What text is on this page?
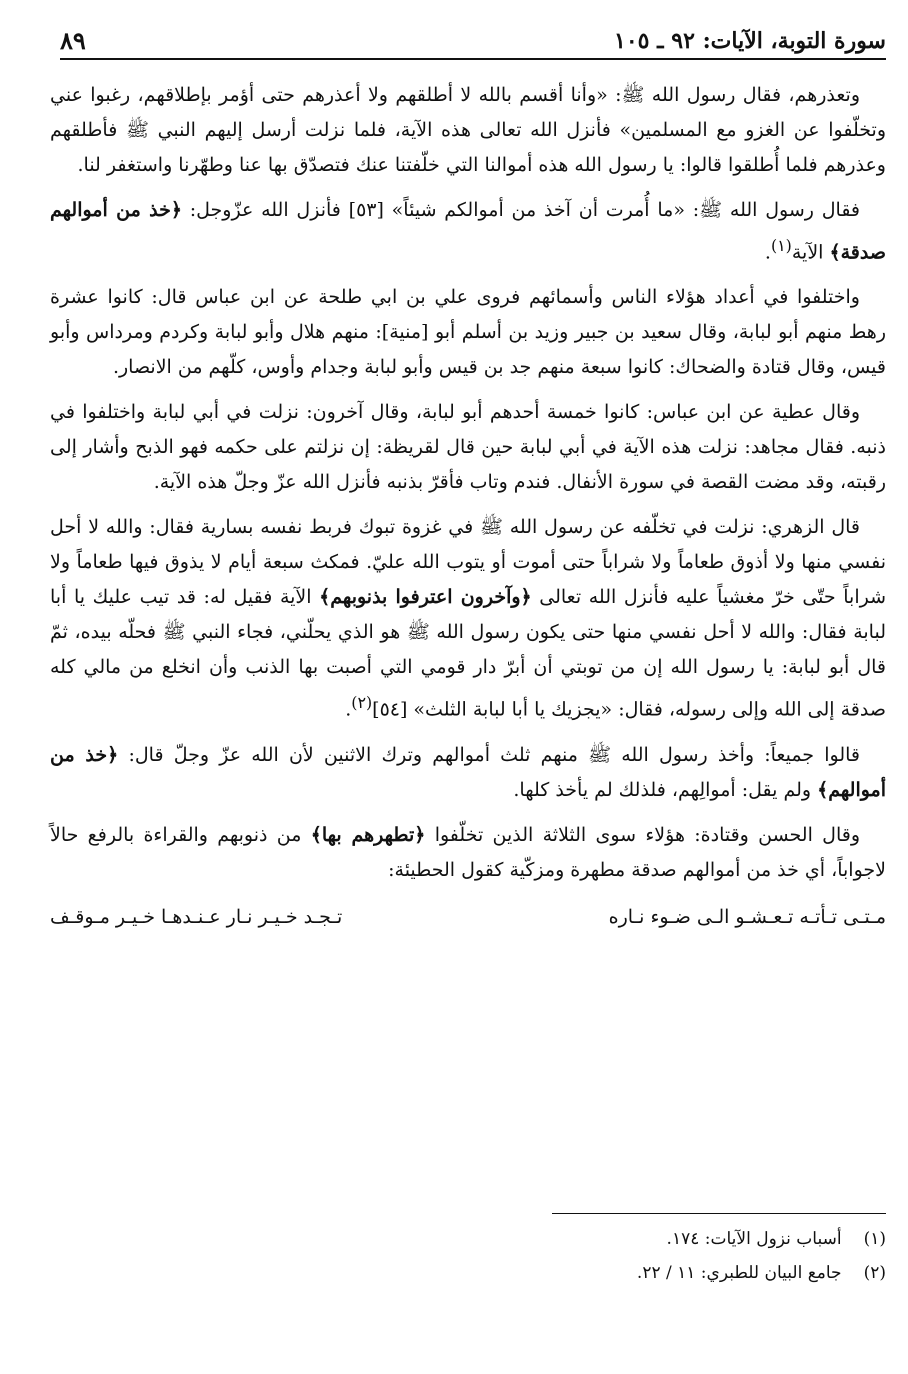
سورة التوبة، الآيات: ٩٢ ـ ١٠٥
٨٩

وتعذرهم، فقال رسول الله ﷺ: «وأنا أقسم بالله لا أطلقهم ولا أعذرهم حتى أؤمر بإطلاقهم، رغبوا عني وتخلّفوا عن الغزو مع المسلمين» فأنزل الله تعالى هذه الآية، فلما نزلت أرسل إليهم النبي ﷺ فأطلقهم وعذرهم فلما أُطلقوا قالوا: يا رسول الله هذه أموالنا التي خلّفتنا عنك فتصدّق بها عنا وطهّرنا واستغفر لنا.

فقال رسول الله ﷺ: «ما أُمرت أن آخذ من أموالكم شيئاً» [٥٣] فأنزل الله عزّوجل: ﴿خذ من أموالهم صدقة﴾ الآية$^{(١)}$.

واختلفوا في أعداد هؤلاء الناس وأسمائهم فروى علي بن ابي طلحة عن ابن عباس قال: كانوا عشرة رهط منهم أبو لبابة، وقال سعيد بن جبير وزيد بن أسلم أبو [منية]: منهم هلال وأبو لبابة وكردم ومرداس وأبو قيس، وقال قتادة والضحاك: كانوا سبعة منهم جد بن قيس وأبو لبابة وجدام وأوس، كلّهم من الانصار.

وقال عطية عن ابن عباس: كانوا خمسة أحدهم أبو لبابة، وقال آخرون: نزلت في أبي لبابة واختلفوا في ذنبه. فقال مجاهد: نزلت هذه الآية في أبي لبابة حين قال لقريظة: إن نزلتم على حكمه فهو الذبح وأشار إلى رقبته، وقد مضت القصة في سورة الأنفال. فندم وتاب فأقرّ بذنبه فأنزل الله عزّ وجلّ هذه الآية.

قال الزهري: نزلت في تخلّفه عن رسول الله ﷺ في غزوة تبوك فربط نفسه بسارية فقال: والله لا أحل نفسي منها ولا أذوق طعاماً ولا شراباً حتى أموت أو يتوب الله عليّ. فمكث سبعة أيام لا يذوق فيها طعاماً ولا شراباً حتّى خرّ مغشياً عليه فأنزل الله تعالى ﴿وآخرون اعترفوا بذنوبهم﴾ الآية فقيل له: قد تيب عليك يا أبا لبابة فقال: والله لا أحل نفسي منها حتى يكون رسول الله ﷺ هو الذي يحلّني، فجاء النبي ﷺ فحلّه بيده، ثمّ قال أبو لبابة: يا رسول الله إن من توبتي أن أبرّ دار قومي التي أصبت بها الذنب وأن انخلع من مالي كله صدقة إلى الله وإلى رسوله، فقال: «يجزيك يا أبا لبابة الثلث» [٥٤]$^{(٢)}$.

قالوا جميعاً: وأخذ رسول الله ﷺ منهم ثلث أموالهم وترك الاثنين لأن الله عزّ وجلّ قال: ﴿خذ من أموالهم﴾ ولم يقل: أموالِهم، فلذلك لم يأخذ كلها.

وقال الحسن وقتادة: هؤلاء سوى الثلاثة الذين تخلّفوا ﴿تطهرهم بها﴾ من ذنوبهم والقراءة بالرفع حالاً لاجواباً، أي خذ من أموالهم صدقة مطهرة ومزكّية كقول الحطيئة:

مـتـى تـأتـه تـعـشـو الـى ضـوء نـاره
تـجـد خـيـر نـار عـنـدهـا خـيـر مـوقـف
(١)
أسباب نزول الآيات: ١٧٤.
(٢)
جامع البيان للطبري: ١١ / ٢٢.
